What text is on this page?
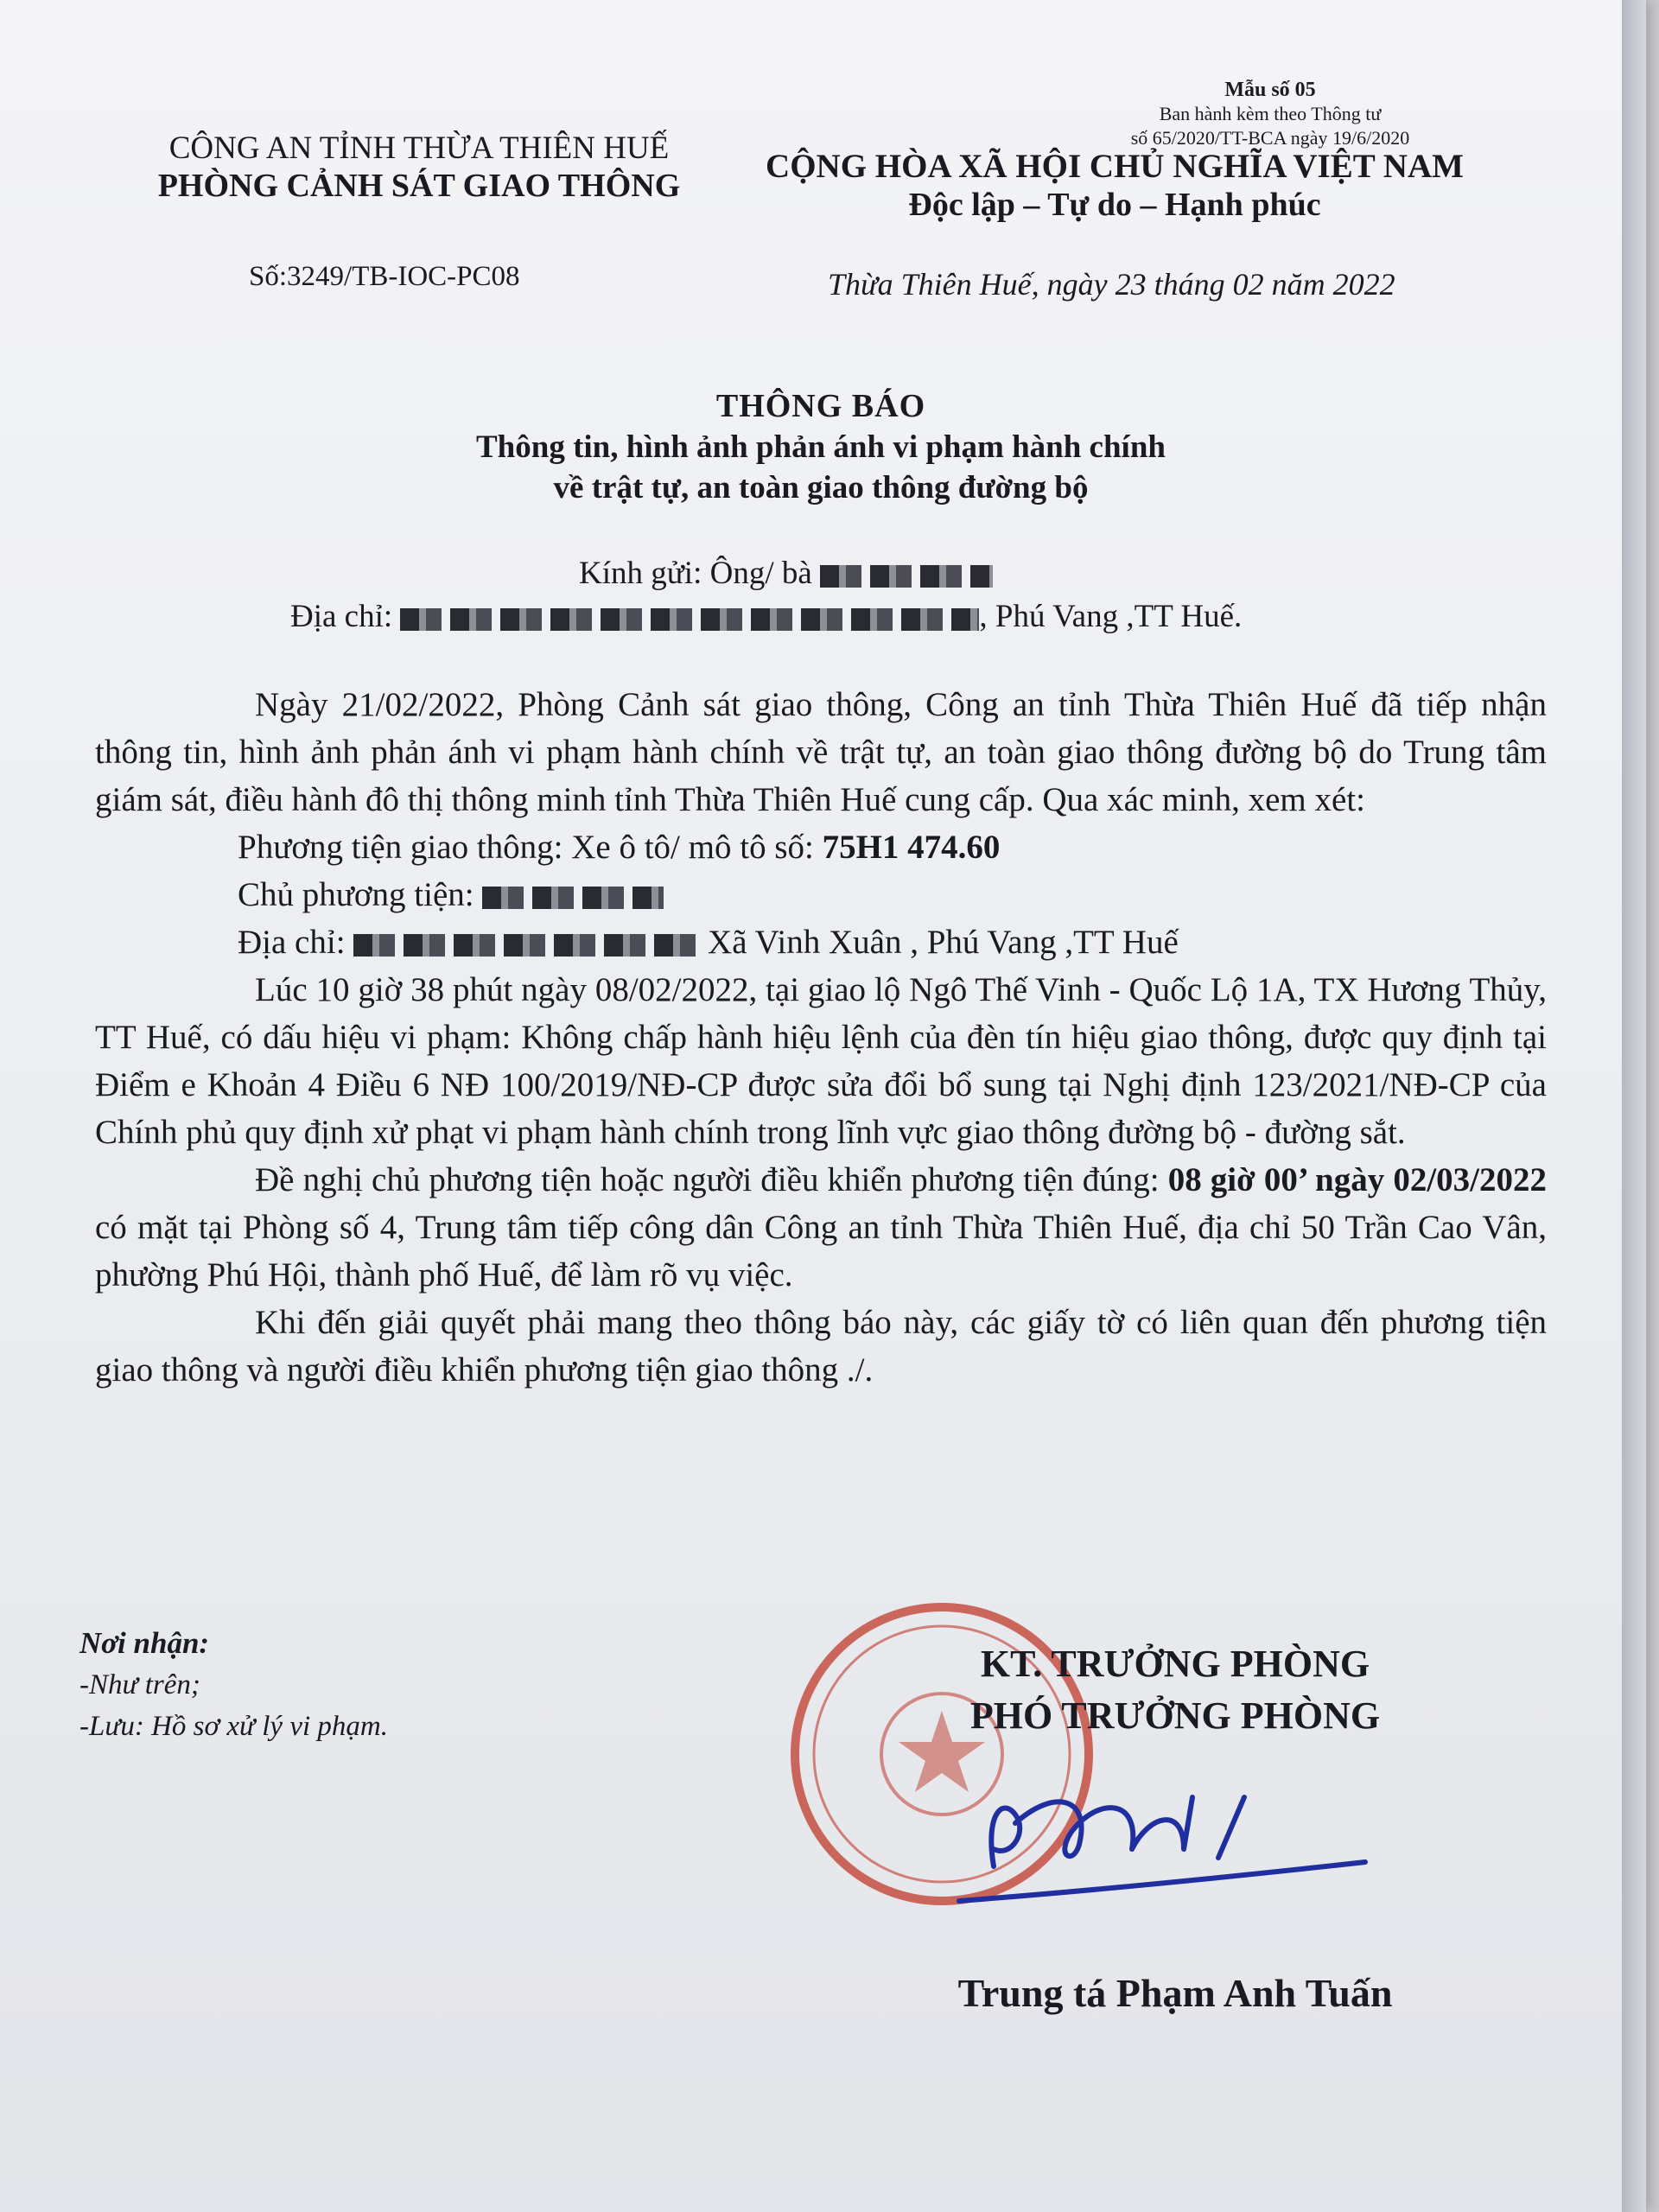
Mẫu số 05
Ban hành kèm theo Thông tư
số 65/2020/TT-BCA ngày 19/6/2020
CÔNG AN TỈNH THỪA THIÊN HUẾ
PHÒNG CẢNH SÁT GIAO THÔNG
CỘNG HÒA XÃ HỘI CHỦ NGHĨA VIỆT NAM
Độc lập – Tự do – Hạnh phúc
Số:3249/TB-IOC-PC08	Thừa Thiên Huế, ngày 23 tháng 02 năm 2022
THÔNG BÁO
Thông tin, hình ảnh phản ánh vi phạm hành chính
về trật tự, an toàn giao thông đường bộ
Kính gửi: Ông/ bà
Địa chỉ:	, Phú Vang ,TT Huế.

Ngày 21/02/2022, Phòng Cảnh sát giao thông, Công an tỉnh Thừa Thiên Huế đã tiếp nhận thông tin, hình ảnh phản ánh vi phạm hành chính về trật tự, an toàn giao thông đường bộ do Trung tâm giám sát, điều hành đô thị thông minh tỉnh Thừa Thiên Huế cung cấp. Qua xác minh, xem xét:

Phương tiện giao thông: Xe ô tô/ mô tô số: 75H1 474.60

Chủ phương tiện:

Địa chỉ:	Xã Vinh Xuân , Phú Vang ,TT Huế

Lúc 10 giờ 38 phút ngày 08/02/2022, tại giao lộ Ngô Thế Vinh - Quốc Lộ 1A, TX Hương Thủy, TT Huế, có dấu hiệu vi phạm: Không chấp hành hiệu lệnh của đèn tín hiệu giao thông, được quy định tại Điểm e Khoản 4 Điều 6 NĐ 100/2019/NĐ-CP được sửa đổi bổ sung tại Nghị định 123/2021/NĐ-CP của Chính phủ quy định xử phạt vi phạm hành chính trong lĩnh vực giao thông đường bộ - đường sắt.

Đề nghị chủ phương tiện hoặc người điều khiển phương tiện đúng: 08 giờ 00’ ngày 02/03/2022 có mặt tại Phòng số 4, Trung tâm tiếp công dân Công an tỉnh Thừa Thiên Huế, địa chỉ 50 Trần Cao Vân, phường Phú Hội, thành phố Huế, để làm rõ vụ việc.

Khi đến giải quyết phải mang theo thông báo này, các giấy tờ có liên quan đến phương tiện giao thông và người điều khiển phương tiện giao thông ./.

Nơi nhận:
-Như trên;
-Lưu: Hồ sơ xử lý vi phạm.
KT. TRƯỞNG PHÒNG
PHÓ TRƯỞNG PHÒNG
Trung tá Phạm Anh Tuấn
